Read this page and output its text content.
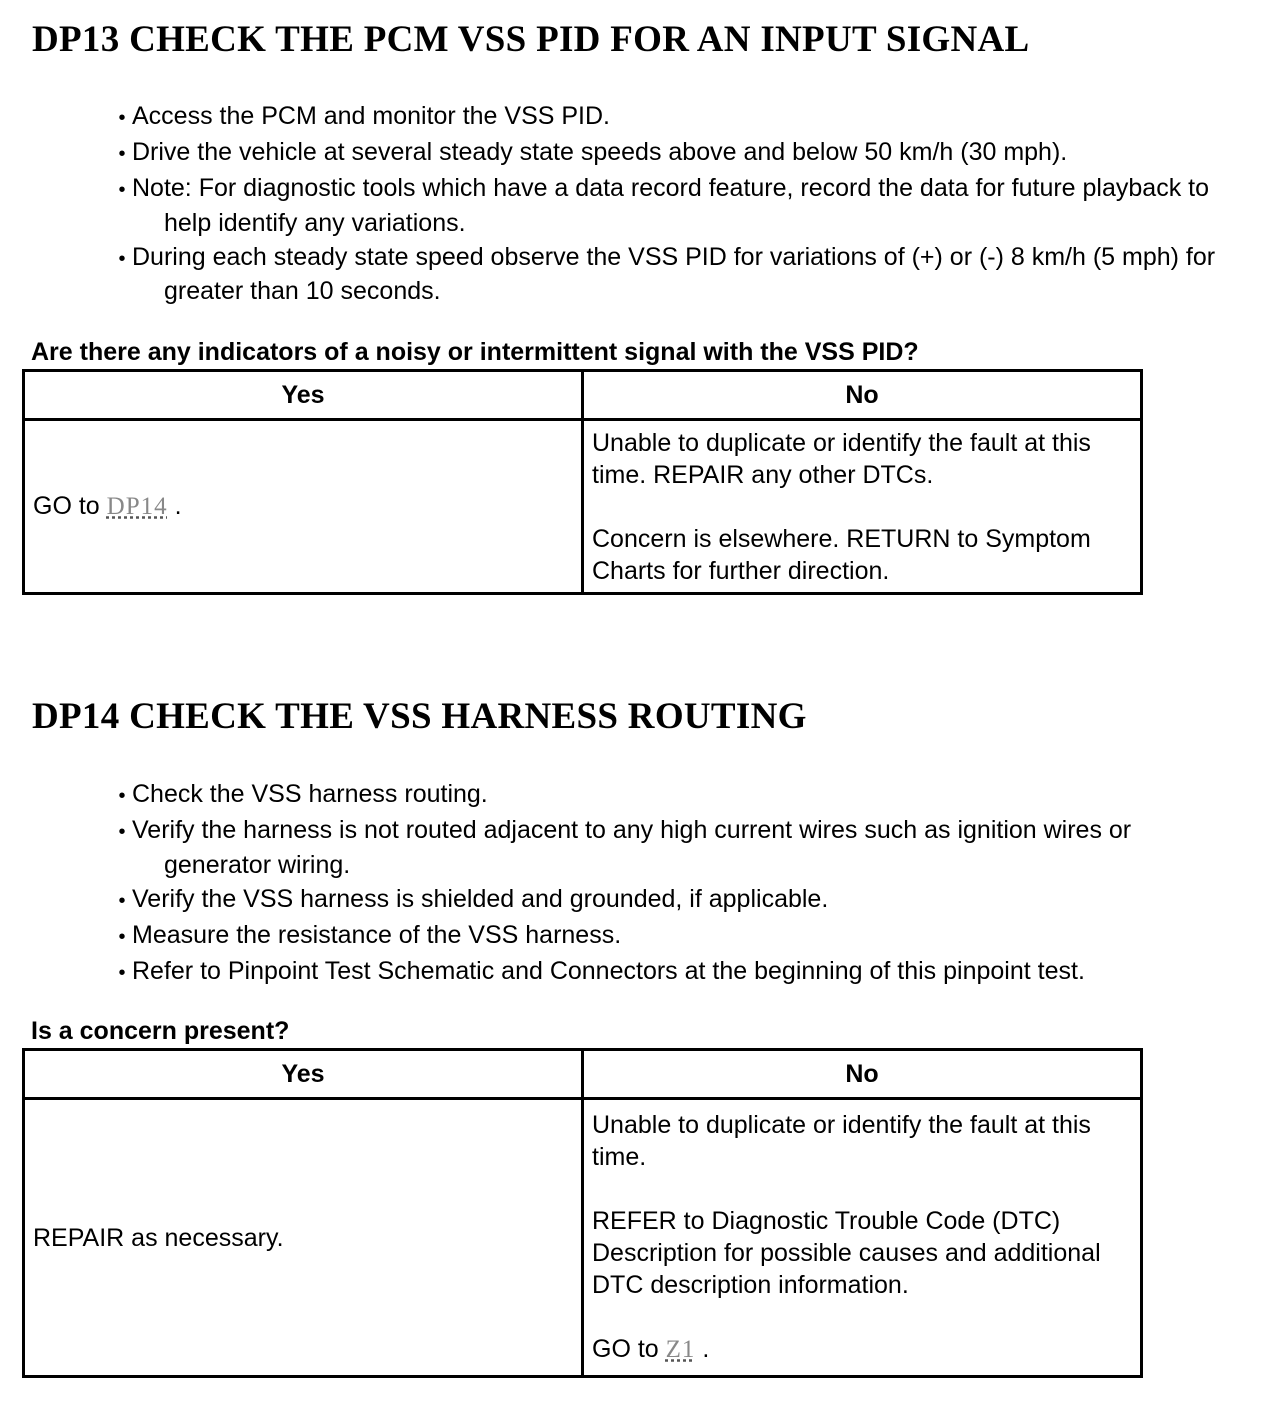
DP13 CHECK THE PCM VSS PID FOR AN INPUT SIGNAL
• Access the PCM and monitor the VSS PID.
• Drive the vehicle at several steady state speeds above and below 50 km/h (30 mph).
• Note: For diagnostic tools which have a data record feature, record the data for future playback to help identify any variations.
• During each steady state speed observe the VSS PID for variations of (+) or (-) 8 km/h (5 mph) for greater than 10 seconds.

Are there any indicators of a noisy or intermittent signal with the VSS PID?

Yes	No
GO to DP14 .	Unable to duplicate or identify the fault at this time. REPAIR any other DTCs.
Concern is elsewhere. RETURN to Symptom Charts for further direction.
DP14 CHECK THE VSS HARNESS ROUTING
• Check the VSS harness routing.
• Verify the harness is not routed adjacent to any high current wires such as ignition wires or generator wiring.
• Verify the VSS harness is shielded and grounded, if applicable.
• Measure the resistance of the VSS harness.
• Refer to Pinpoint Test Schematic and Connectors at the beginning of this pinpoint test.

Is a concern present?

Yes	No
REPAIR as necessary.	Unable to duplicate or identify the fault at this time.
REFER to Diagnostic Trouble Code (DTC) Description for possible causes and additional DTC description information.
GO to Z1 .
